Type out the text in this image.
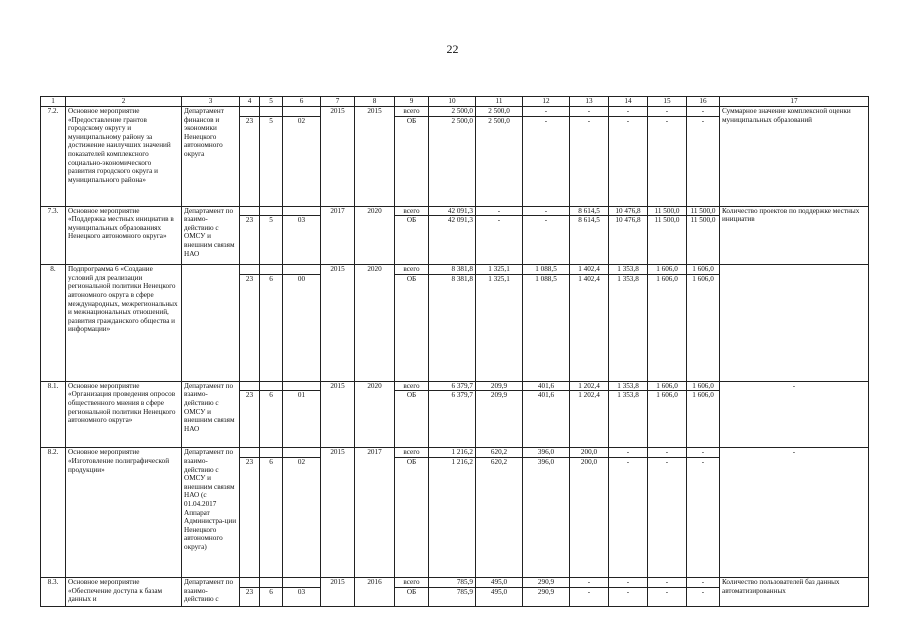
22
1	2	3	4	5	6	7	8	9	10	11	12	13	14	15	16	17
7.2.	Основное мероприятие «Предоставление грантов городскому округу и муниципальному району за достижение наилучших значений показателей комплексного социально-экономического развития городского округа и муниципального района»	Департамент финансов и экономики Ненецкого автономного округа				2015	2015	всего	2 500,0	2 500,0	-	-	-	-	-	Суммарное значение комплексной оценки муниципальных образований
			23	5	02			ОБ	2 500,0	2 500,0	-	-	-	-	-	
7.3.	Основное мероприятие «Поддержка местных инициатив в муниципальных образованиях Ненецкого автономного округа»	Департамент по взаимо-действию с ОМСУ и внешним связям НАО				2017	2020	всего	42 091,3	-	-	8 614,5	10 476,8	11 500,0	11 500,0	Количество проектов по поддержке местных инициатив
			23	5	03			ОБ	42 091,3	-	-	8 614,5	10 476,8	11 500,0	11 500,0	
8.	Подпрограмма 6 «Создание условий для реализации региональной политики Ненецкого автономного округа в сфере международных, межрегиональных и межнациональных отношений, развития гражданского общества и информации»					2015	2020	всего	8 381,8	1 325,1	1 088,5	1 402,4	1 353,8	1 606,0	1 606,0	
			23	6	00			ОБ	8 381,8	1 325,1	1 088,5	1 402,4	1 353,8	1 606,0	1 606,0	
8.1.	Основное мероприятие «Организация проведения опросов общественного мнения в сфере региональной политики Ненецкого автономного округа»	Департамент по взаимо-действию с ОМСУ и внешним связям НАО				2015	2020	всего	6 379,7	209,9	401,6	1 202,4	1 353,8	1 606,0	1 606,0	-
			23	6	01			ОБ	6 379,7	209,9	401,6	1 202,4	1 353,8	1 606,0	1 606,0	
8.2.	Основное мероприятие «Изготовление полиграфической продукции»	Департамент по взаимо-действию с ОМСУ и внешним связям НАО (с 01.04.2017 Аппарат Администра-ции Ненецкого автономного округа)				2015	2017	всего	1 216,2	620,2	396,0	200,0	-	-	-	-
			23	6	02			ОБ	1 216,2	620,2	396,0	200,0	-	-	-	
8.3.	Основное мероприятие «Обеспечение доступа к базам данных и	Департамент по взаимо-действию с				2015	2016	всего	785,9	495,0	290,9	-	-	-	-	Количество пользователей баз данных автоматизированных
			23	6	03			ОБ	785,9	495,0	290,9	-	-	-	-	
